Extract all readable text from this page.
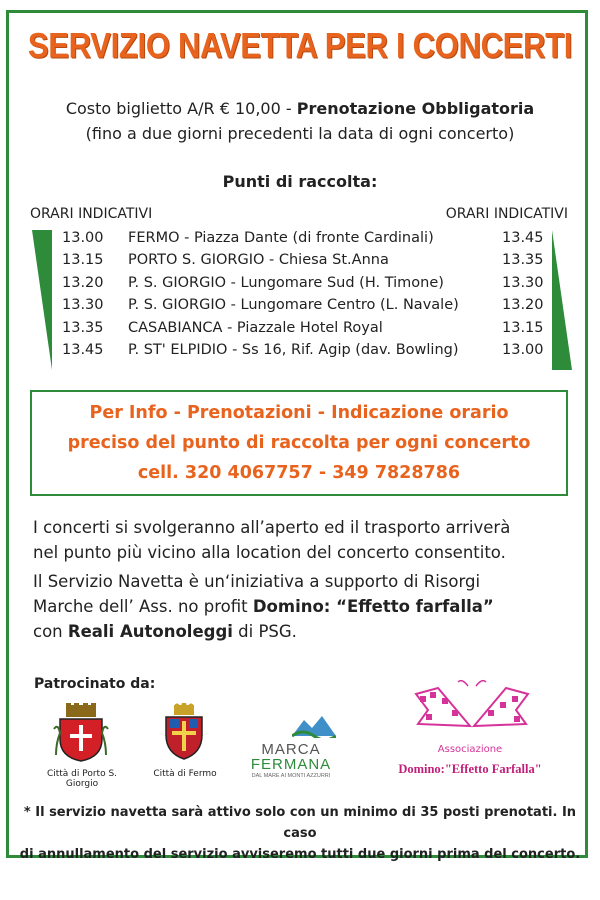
SERVIZIO NAVETTA PER I CONCERTI
Costo biglietto A/R € 10,00 - Prenotazione Obbligatoria
(fino a due giorni precedenti la data di ogni concerto)
Punti di raccolta:
ORARI INDICATIVI	ORARI INDICATIVI
13.00 FERMO - Piazza Dante (di fronte Cardinali)	13.45
13.15 PORTO S. GIORGIO - Chiesa St.Anna	13.35
13.20 P. S. GIORGIO - Lungomare Sud (H. Timone)	13.30
13.30 P. S. GIORGIO - Lungomare Centro (L. Navale)	13.20
13.35 CASABIANCA - Piazzale Hotel Royal	13.15
13.45 P. ST' ELPIDIO - Ss 16, Rif. Agip (dav. Bowling)	13.00
Per Info - Prenotazioni - Indicazione orario
preciso del punto di raccolta per ogni concerto
cell. 320 4067757 - 349 7828786
I concerti si svolgeranno all’aperto ed il trasporto arriverà
nel punto più vicino alla location del concerto consentito.
Il Servizio Navetta è un‘iniziativa a supporto di Risorgi
Marche dell’ Ass. no profit Domino: “Effetto farfalla”
con Reali Autonoleggi di PSG.
Patrocinato da:
Città di Porto S. Giorgio
Città di Fermo
MARCA
FERMANA
DAL MARE AI MONTI AZZURRI
Associazione
Domino:"Effetto Farfalla"
* Il servizio navetta sarà attivo solo con un minimo di 35 posti prenotati. In caso
di annullamento del servizio avviseremo tutti due giorni prima del concerto.
